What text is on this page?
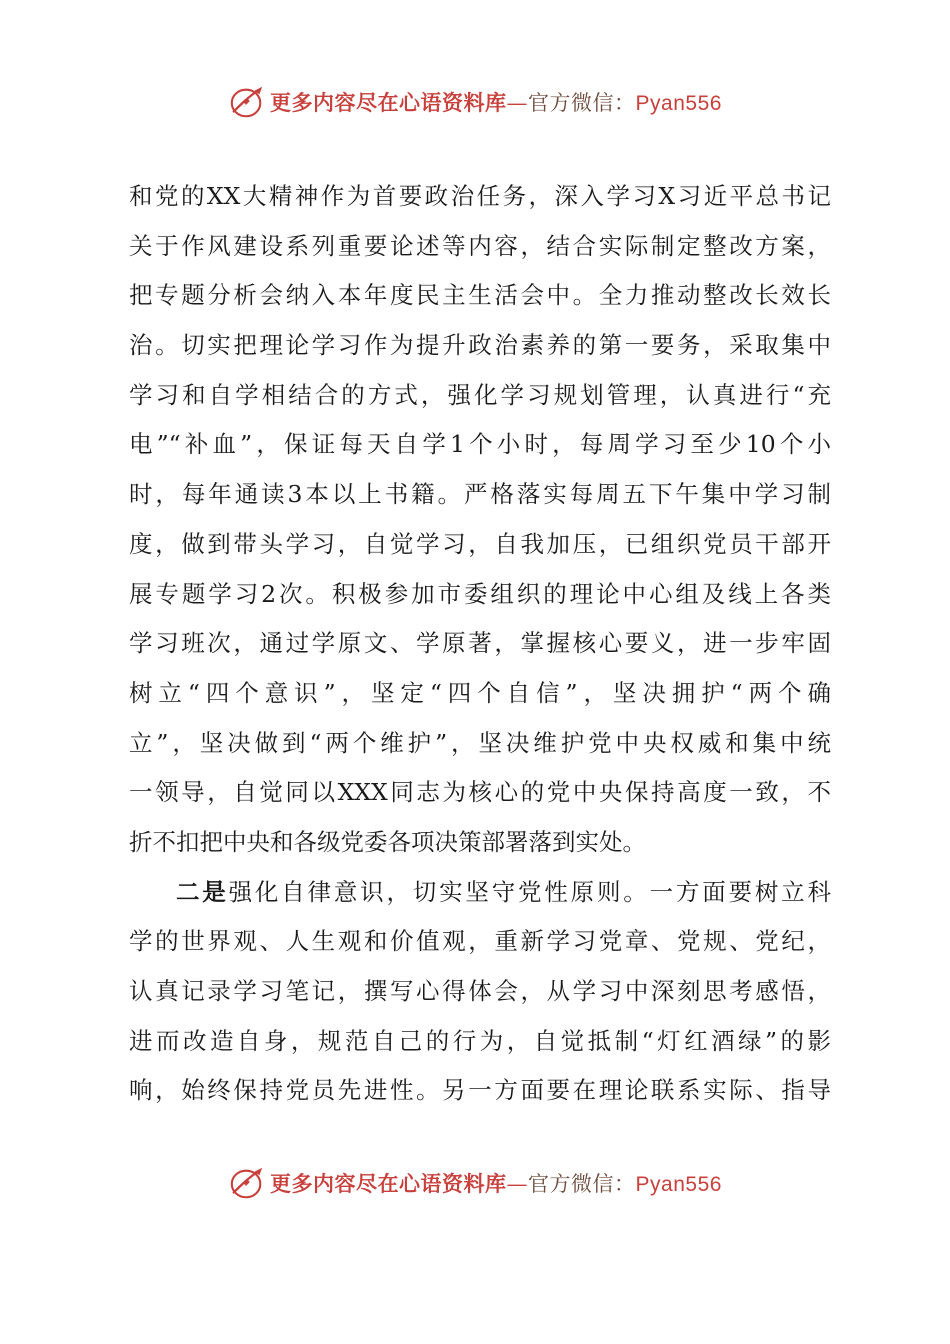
更多内容尽在心语资料库—官方微信：Pyan556
和党的XX大精神作为首要政治任务，深入学习X习近平总书记
关于作风建设系列重要论述等内容，结合实际制定整改方案，
把专题分析会纳入本年度民主生活会中。全力推动整改长效长
治。切实把理论学习作为提升政治素养的第一要务，采取集中
学习和自学相结合的方式，强化学习规划管理，认真进行“充
电”“补血”，保证每天自学1个小时，每周学习至少10个小
时，每年通读3本以上书籍。严格落实每周五下午集中学习制
度，做到带头学习，自觉学习，自我加压，已组织党员干部开
展专题学习2次。积极参加市委组织的理论中心组及线上各类
学习班次，通过学原文、学原著，掌握核心要义，进一步牢固
树立“四个意识”，坚定“四个自信”，坚决拥护“两个确
立”，坚决做到“两个维护”，坚决维护党中央权威和集中统
一领导，自觉同以XXX同志为核心的党中央保持高度一致，不
折不扣把中央和各级党委各项决策部署落到实处。
二是强化自律意识，切实坚守党性原则。一方面要树立科
学的世界观、人生观和价值观，重新学习党章、党规、党纪，
认真记录学习笔记，撰写心得体会，从学习中深刻思考感悟，
进而改造自身，规范自己的行为，自觉抵制“灯红酒绿”的影
响，始终保持党员先进性。另一方面要在理论联系实际、指导
更多内容尽在心语资料库—官方微信：Pyan556
